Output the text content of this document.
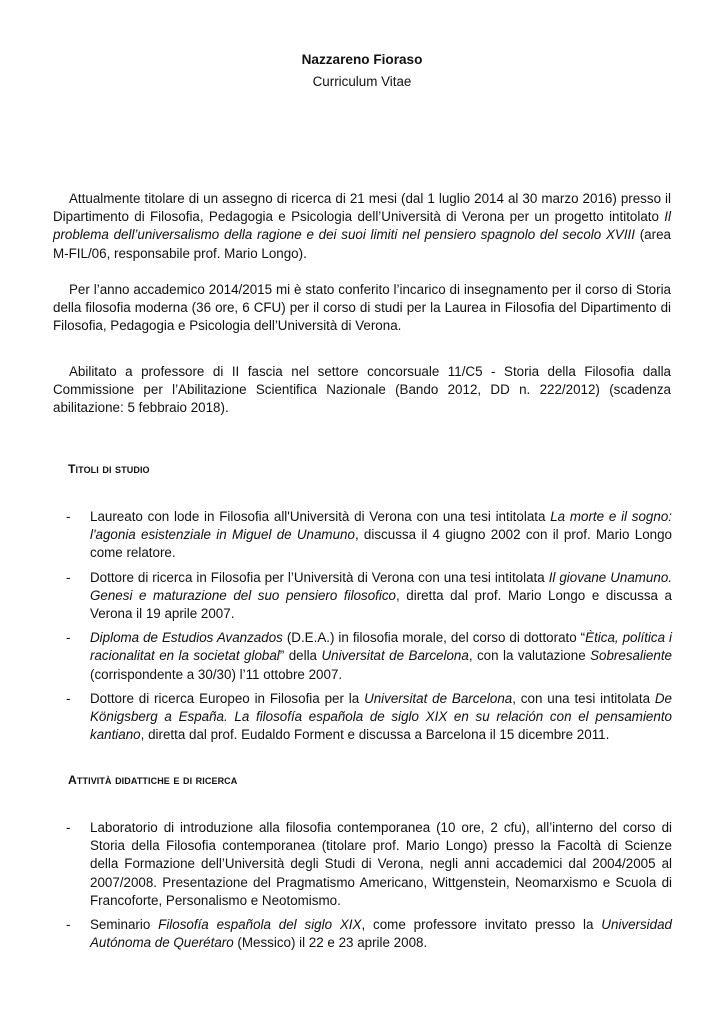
Nazzareno Fioraso
Curriculum Vitae

Attualmente titolare di un assegno di ricerca di 21 mesi (dal 1 luglio 2014 al 30 marzo 2016) presso il Dipartimento di Filosofia, Pedagogia e Psicologia dell’Università di Verona per un progetto intitolato Il problema dell’universalismo della ragione e dei suoi limiti nel pensiero spagnolo del secolo XVIII (area M-FIL/06, responsabile prof. Mario Longo).

Per l’anno accademico 2014/2015 mi è stato conferito l’incarico di insegnamento per il corso di Storia della filosofia moderna (36 ore, 6 CFU) per il corso di studi per la Laurea in Filosofia del Dipartimento di Filosofia, Pedagogia e Psicologia dell’Università di Verona.

Abilitato a professore di II fascia nel settore concorsuale 11/C5 - Storia della Filosofia dalla Commissione per l’Abilitazione Scientifica Nazionale (Bando 2012, DD n. 222/2012) (scadenza abilitazione: 5 febbraio 2018).

Titoli di studio
- Laureato con lode in Filosofia all'Università di Verona con una tesi intitolata La morte e il sogno: l'agonia esistenziale in Miguel de Unamuno, discussa il 4 giugno 2002 con il prof. Mario Longo come relatore.
- Dottore di ricerca in Filosofia per l’Università di Verona con una tesi intitolata Il giovane Unamuno. Genesi e maturazione del suo pensiero filosofico, diretta dal prof. Mario Longo e discussa a Verona il 19 aprile 2007.
- Diploma de Estudios Avanzados (D.E.A.) in filosofia morale, del corso di dottorato “Ètica, política i racionalitat en la societat global” della Universitat de Barcelona, con la valutazione Sobresaliente (corrispondente a 30/30) l’11 ottobre 2007.
- Dottore di ricerca Europeo in Filosofia per la Universitat de Barcelona, con una tesi intitolata De Königsberg a España. La filosofía española de siglo XIX en su relación con el pensamiento kantiano, diretta dal prof. Eudaldo Forment e discussa a Barcelona il 15 dicembre 2011.
Attività didattiche e di ricerca
- Laboratorio di introduzione alla filosofia contemporanea (10 ore, 2 cfu), all’interno del corso di Storia della Filosofia contemporanea (titolare prof. Mario Longo) presso la Facoltà di Scienze della Formazione dell’Università degli Studi di Verona, negli anni accademici dal 2004/2005 al 2007/2008. Presentazione del Pragmatismo Americano, Wittgenstein, Neomarxismo e Scuola di Francoforte, Personalismo e Neotomismo.
- Seminario Filosofía española del siglo XIX, come professore invitato presso la Universidad Autónoma de Querétaro (Messico) il 22 e 23 aprile 2008.
